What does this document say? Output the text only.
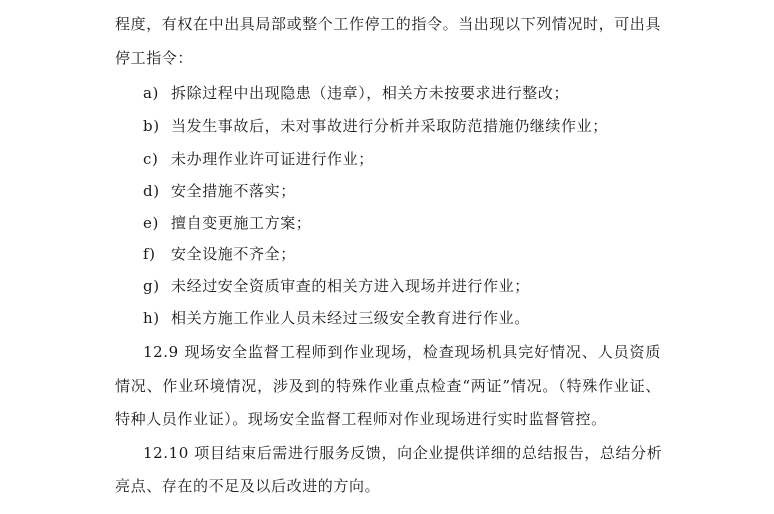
程度，有权在中出具局部或整个工作停工的指令。当出现以下列情况时，可出具
停工指令：
a) 拆除过程中出现隐患（违章），相关方未按要求进行整改；
b) 当发生事故后，未对事故进行分析并采取防范措施仍继续作业；
c) 未办理作业许可证进行作业；
d) 安全措施不落实；
e) 擅自变更施工方案；
f) 安全设施不齐全；
g) 未经过安全资质审查的相关方进入现场并进行作业；
h) 相关方施工作业人员未经过三级安全教育进行作业。
12.9 现场安全监督工程师到作业现场，检查现场机具完好情况、人员资质
情况、作业环境情况，涉及到的特殊作业重点检查“两证”情况。（特殊作业证、
特种人员作业证）。现场安全监督工程师对作业现场进行实时监督管控。
12.10 项目结束后需进行服务反馈，向企业提供详细的总结报告，总结分析
亮点、存在的不足及以后改进的方向。
